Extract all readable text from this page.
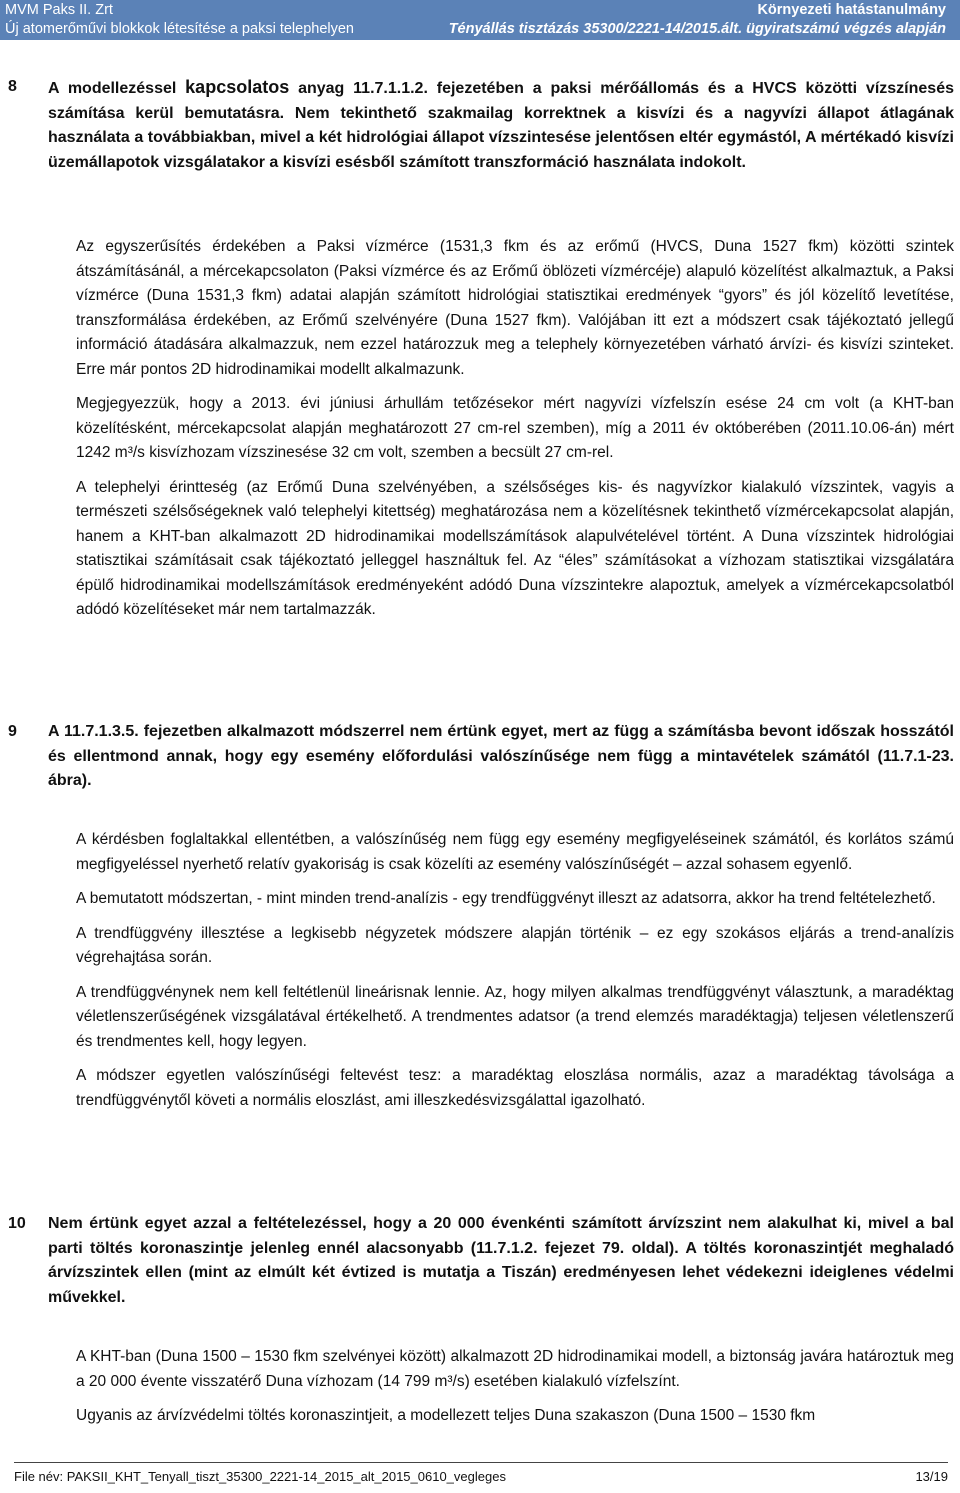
MVM Paks II. Zrt
Új atomerőművi blokkok létesítése a paksi telephelyen
Környezeti hatástanulmány
Tényállás tisztázás 35300/2221-14/2015.ált. ügyiratszámú végzés alapján
8 A modellezéssel kapcsolatos anyag 11.7.1.1.2. fejezetében a paksi mérőállomás és a HVCS közötti vízszínesés számítása kerül bemutatásra. Nem tekinthető szakmailag korrektnek a kisvízi és a nagyvízi állapot átlagának használata a továbbiakban, mivel a két hidrológiai állapot vízszintesése jelentősen eltér egymástól, A mértékadó kisvízi üzemállapotok vizsgálatakor a kisvízi esésből számított transzformáció használata indokolt.

Az egyszerűsítés érdekében a Paksi vízmérce (1531,3 fkm és az erőmű (HVCS, Duna 1527 fkm) közötti szintek átszámításánál, a mércekapcsolaton (Paksi vízmérce és az Erőmű öblözeti vízmércéje) alapuló közelítést alkalmaztuk, a Paksi vízmérce (Duna 1531,3 fkm) adatai alapján számított hidrológiai statisztikai eredmények “gyors” és jól közelítő levetítése, transzformálása érdekében, az Erőmű szelvényére (Duna 1527 fkm). Valójában itt ezt a módszert csak tájékoztató jellegű információ átadására alkalmazzuk, nem ezzel határozzuk meg a telephely környezetében várható árvízi- és kisvízi szinteket. Erre már pontos 2D hidrodinamikai modellt alkalmazunk.

Megjegyezzük, hogy a 2013. évi júniusi árhullám tetőzésekor mért nagyvízi vízfelszín esése 24 cm volt (a KHT-ban közelítésként, mércekapcsolat alapján meghatározott 27 cm-rel szemben), míg a 2011 év októberében (2011.10.06-án) mért 1242 m³/s kisvízhozam vízszinesése 32 cm volt, szemben a becsült 27 cm-rel.

A telephelyi érintteség (az Erőmű Duna szelvényében, a szélsőséges kis- és nagyvízkor kialakuló vízszintek, vagyis a természeti szélsőségeknek való telephelyi kitettség) meghatározása nem a közelítésnek tekinthető vízmércekapcsolat alapján, hanem a KHT-ban alkalmazott 2D hidrodinamikai modellszámítások alapulvételével történt. A Duna vízszintek hidrológiai statisztikai számításait csak tájékoztató jelleggel használtuk fel. Az “éles” számításokat a vízhozam statisztikai vizsgálatára épülő hidrodinamikai modellszámítások eredményeként adódó Duna vízszintekre alapoztuk, amelyek a vízmércekapcsolatból adódó közelítéseket már nem tartalmazzák.

9 A 11.7.1.3.5. fejezetben alkalmazott módszerrel nem értünk egyet, mert az függ a számításba bevont időszak hosszától és ellentmond annak, hogy egy esemény előfordulási valószínűsége nem függ a mintavételek számától (11.7.1-23. ábra).

A kérdésben foglaltakkal ellentétben, a valószínűség nem függ egy esemény megfigyeléseinek számától, és korlátos számú megfigyeléssel nyerhető relatív gyakoriság is csak közelíti az esemény valószínűségét – azzal sohasem egyenlő.

A bemutatott módszertan, - mint minden trend-analízis - egy trendfüggvényt illeszt az adatsorra, akkor ha trend feltételezhető.

A trendfüggvény illesztése a legkisebb négyzetek módszere alapján történik – ez egy szokásos eljárás a trend-analízis végrehajtása során.

A trendfüggvénynek nem kell feltétlenül lineárisnak lennie. Az, hogy milyen alkalmas trendfüggvényt választunk, a maradéktag véletlenszerűségének vizsgálatával értékelhető. A trendmentes adatsor (a trend elemzés maradéktagja) teljesen véletlenszerű és trendmentes kell, hogy legyen.

A módszer egyetlen valószínűségi feltevést tesz: a maradéktag eloszlása normális, azaz a maradéktag távolsága a trendfüggvénytől követi a normális eloszlást, ami illeszkedésvizsgálattal igazolható.

10 Nem értünk egyet azzal a feltételezéssel, hogy a 20 000 évenkénti számított árvízszint nem alakulhat ki, mivel a bal parti töltés koronaszintje jelenleg ennél alacsonyabb (11.7.1.2. fejezet 79. oldal). A töltés koronaszintjét meghaladó árvízszintek ellen (mint az elmúlt két évtized is mutatja a Tiszán) eredményesen lehet védekezni ideiglenes védelmi művekkel.

A KHT-ban (Duna 1500 – 1530 fkm szelvényei között) alkalmazott 2D hidrodinamikai modell, a biztonság javára határoztuk meg a 20 000 évente visszatérő Duna vízhozam (14 799 m³/s) esetében kialakuló vízfelszínt.

Ugyanis az árvízvédelmi töltés koronaszintjeit, a modellezett teljes Duna szakaszon (Duna 1500 – 1530 fkm

File név: PAKSII_KHT_Tenyall_tiszt_35300_2221-14_2015_alt_2015_0610_vegleges	13/19
